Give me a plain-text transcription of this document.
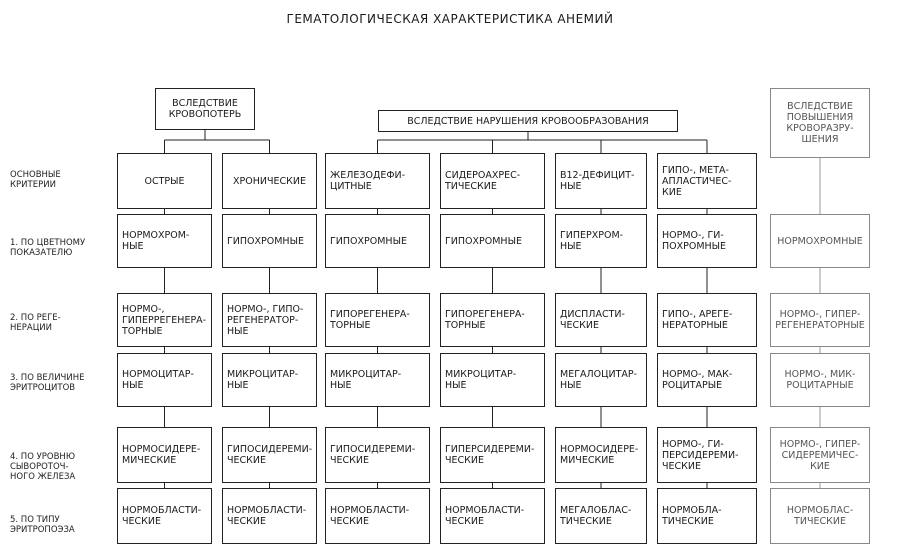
ГЕМАТОЛОГИЧЕСКАЯ ХАРАКТЕРИСТИКА АНЕМИЙ
ВСЛЕДСТВИЕ
КРОВОПОТЕРЬ
ВСЛЕДСТВИЕ НАРУШЕНИЯ КРОВООБРАЗОВАНИЯ
ВСЛЕДСТВИЕ
ПОВЫШЕНИЯ
КРОВОРАЗРУ-
ШЕНИЯ
ОСНОВНЫЕ
КРИТЕРИИ
1. ПО ЦВЕТНОМУ
ПОКАЗАТЕЛЮ
2. ПО РЕГЕ-
НЕРАЦИИ
3. ПО ВЕЛИЧИНЕ
ЭРИТРОЦИТОВ
4. ПО УРОВНЮ
СЫВОРОТОЧ-
НОГО ЖЕЛЕЗА
5. ПО ТИПУ
ЭРИТРОПОЭЗА
ОСТРЫЕ
НОРМОХРОМ-
НЫЕ
НОРМО-,
ГИПЕРРЕГЕНЕРА-
ТОРНЫЕ
НОРМОЦИТАР-
НЫЕ
НОРМОСИДЕРЕ-
МИЧЕСКИЕ
НОРМОБЛАСТИ-
ЧЕСКИЕ
ХРОНИЧЕСКИЕ
ГИПОХРОМНЫЕ
НОРМО-, ГИПО-
РЕГЕНЕРАТОР-
НЫЕ
МИКРОЦИТАР-
НЫЕ
ГИПОСИДЕРЕМИ-
ЧЕСКИЕ
НОРМОБЛАСТИ-
ЧЕСКИЕ
ЖЕЛЕЗОДЕФИ-
ЦИТНЫЕ
ГИПОХРОМНЫЕ
ГИПОРЕГЕНЕРА-
ТОРНЫЕ
МИКРОЦИТАР-
НЫЕ
ГИПОСИДЕРЕМИ-
ЧЕСКИЕ
НОРМОБЛАСТИ-
ЧЕСКИЕ
СИДЕРОАХРЕС-
ТИЧЕСКИЕ
ГИПОХРОМНЫЕ
ГИПОРЕГЕНЕРА-
ТОРНЫЕ
МИКРОЦИТАР-
НЫЕ
ГИПЕРСИДЕРЕМИ-
ЧЕСКИЕ
НОРМОБЛАСТИ-
ЧЕСКИЕ
B12-ДЕФИЦИТ-
НЫЕ
ГИПЕРХРОМ-
НЫЕ
ДИСПЛАСТИ-
ЧЕСКИЕ
МЕГАЛОЦИТАР-
НЫЕ
НОРМОСИДЕРЕ-
МИЧЕСКИЕ
МЕГАЛОБЛАС-
ТИЧЕСКИЕ
ГИПО-, МЕТА-
АПЛАСТИЧЕС-
КИЕ
НОРМО-, ГИ-
ПОХРОМНЫЕ
ГИПО-, АРЕГЕ-
НЕРАТОРНЫЕ
НОРМО-, МАК-
РОЦИТАРЫЕ
НОРМО-, ГИ-
ПЕРСИДЕРЕМИ-
ЧЕСКИЕ
НОРМОБЛА-
ТИЧЕСКИЕ
НОРМОХРОМНЫЕ
НОРМО-, ГИПЕР-
РЕГЕНЕРАТОРНЫЕ
НОРМО-, МИК-
РОЦИТАРНЫЕ
НОРМО-, ГИПЕР-
СИДЕРЕМИЧЕС-
КИЕ
НОРМОБЛАС-
ТИЧЕСКИЕ
